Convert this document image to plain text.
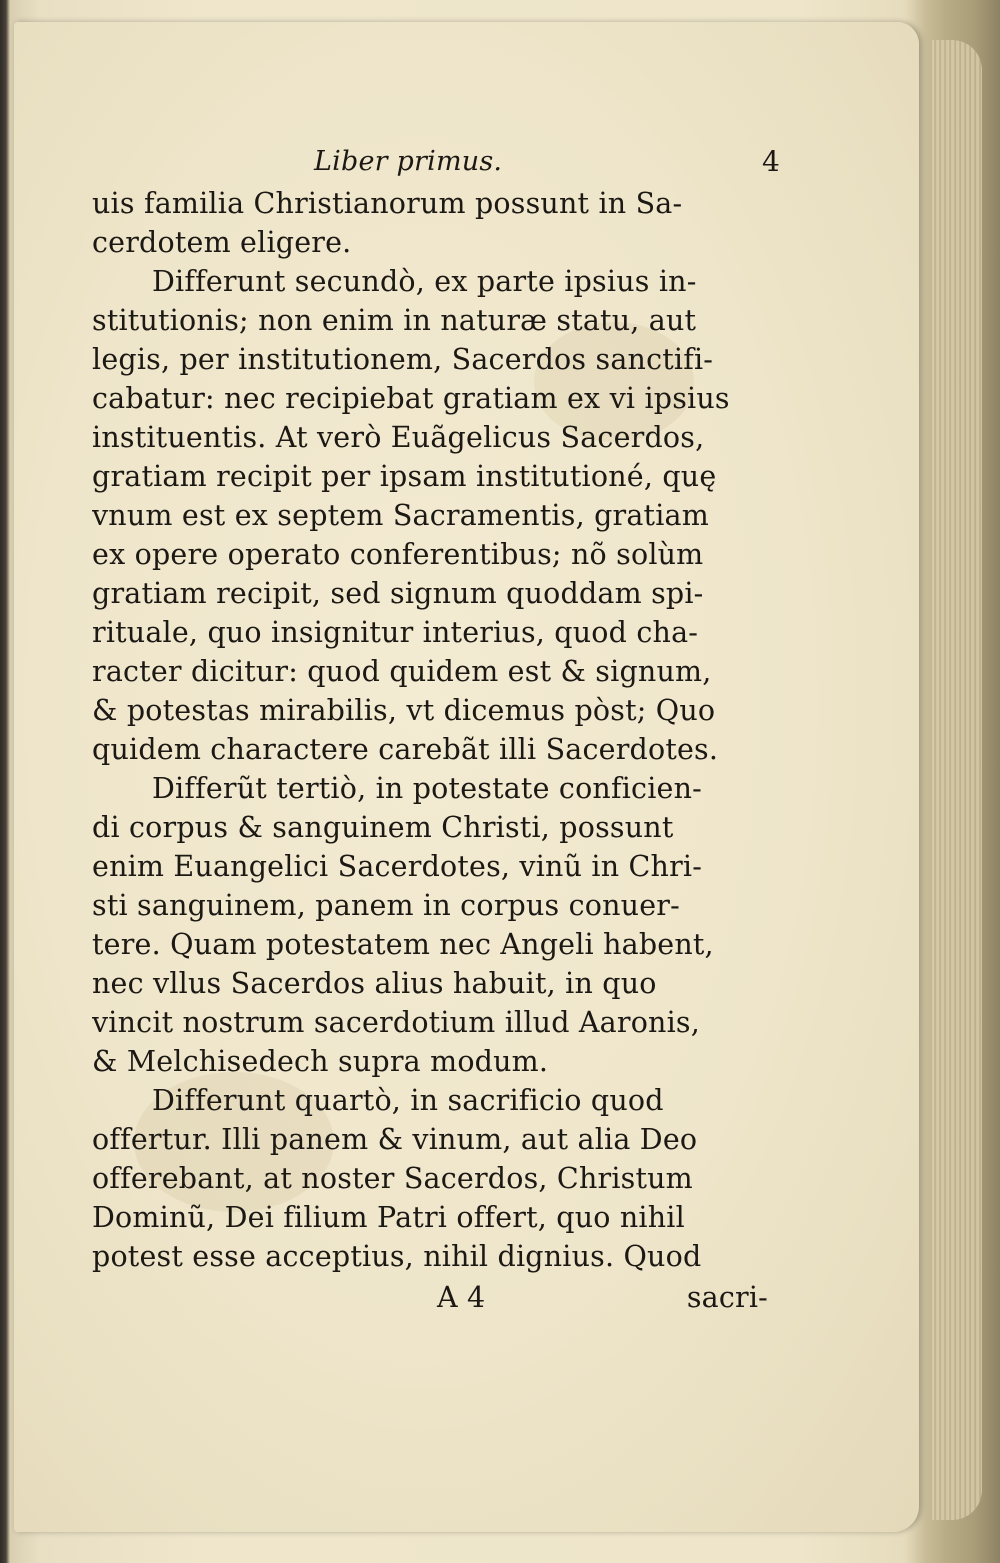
Liber primus.	4
uis familia Christianorum possunt in Sa-
cerdotem eligere.
Differunt secundò, ex parte ipsius in-
stitutionis; non enim in naturæ statu, aut
legis, per institutionem, Sacerdos sanctifi-
cabatur: nec recipiebat gratiam ex vi ipsius
instituentis. At verò Euãgelicus Sacerdos,
gratiam recipit per ipsam institutioné, quę
vnum est ex septem Sacramentis, gratiam
ex opere operato conferentibus; nõ solùm
gratiam recipit, sed signum quoddam spi-
rituale, quo insignitur interius, quod cha-
racter dicitur: quod quidem est & signum,
& potestas mirabilis, vt dicemus pòst; Quo
quidem charactere carebãt illi Sacerdotes.
Differũt tertiò, in potestate conficien-
di corpus & sanguinem Christi, possunt
enim Euangelici Sacerdotes, vinũ in Chri-
sti sanguinem, panem in corpus conuer-
tere. Quam potestatem nec Angeli habent,
nec vllus Sacerdos alius habuit, in quo
vincit nostrum sacerdotium illud Aaronis,
& Melchisedech supra modum.
Differunt quartò, in sacrificio quod
offertur. Illi panem & vinum, aut alia Deo
offerebant, at noster Sacerdos, Christum
Dominũ, Dei filium Patri offert, quo nihil
potest esse acceptius, nihil dignius. Quod
A 4	sacri-
